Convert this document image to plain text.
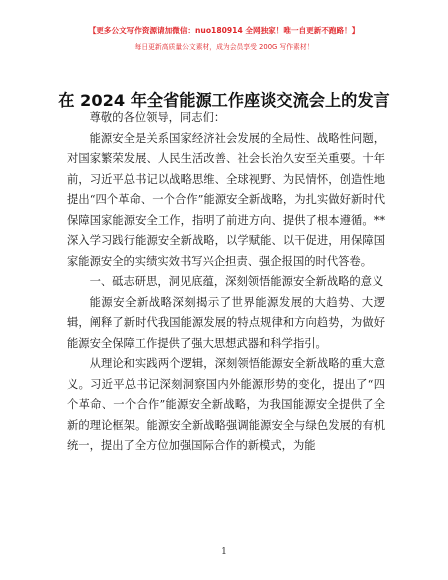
【更多公文写作资源请加微信：nuo180914 全网独家！唯一自更新不跑路！】
每日更新高质量公文素材，成为会员享受 200G 写作素材！
在 2024 年全省能源工作座谈交流会上的发言

尊敬的各位领导，同志们：

能源安全是关系国家经济社会发展的全局性、战略性问题，对国家繁荣发展、人民生活改善、社会长治久安至关重要。十年前，习近平总书记以战略思维、全球视野、为民情怀，创造性地提出“四个革命、一个合作”能源安全新战略，为扎实做好新时代保障国家能源安全工作，指明了前进方向、提供了根本遵循。**深入学习践行能源安全新战略，以学赋能、以干促进，用保障国家能源安全的实绩实效书写兴企担责、强企报国的时代答卷。

一、砥志研思，洞见底蕴，深刻领悟能源安全新战略的意义

能源安全新战略深刻揭示了世界能源发展的大趋势、大逻辑，阐释了新时代我国能源发展的特点规律和方向趋势，为做好能源安全保障工作提供了强大思想武器和科学指引。

从理论和实践两个逻辑，深刻领悟能源安全新战略的重大意义。习近平总书记深刻洞察国内外能源形势的变化，提出了“四个革命、一个合作”能源安全新战略，为我国能源安全提供了全新的理论框架。能源安全新战略强调能源安全与绿色发展的有机统一，提出了全方位加强国际合作的新模式，为能

1
